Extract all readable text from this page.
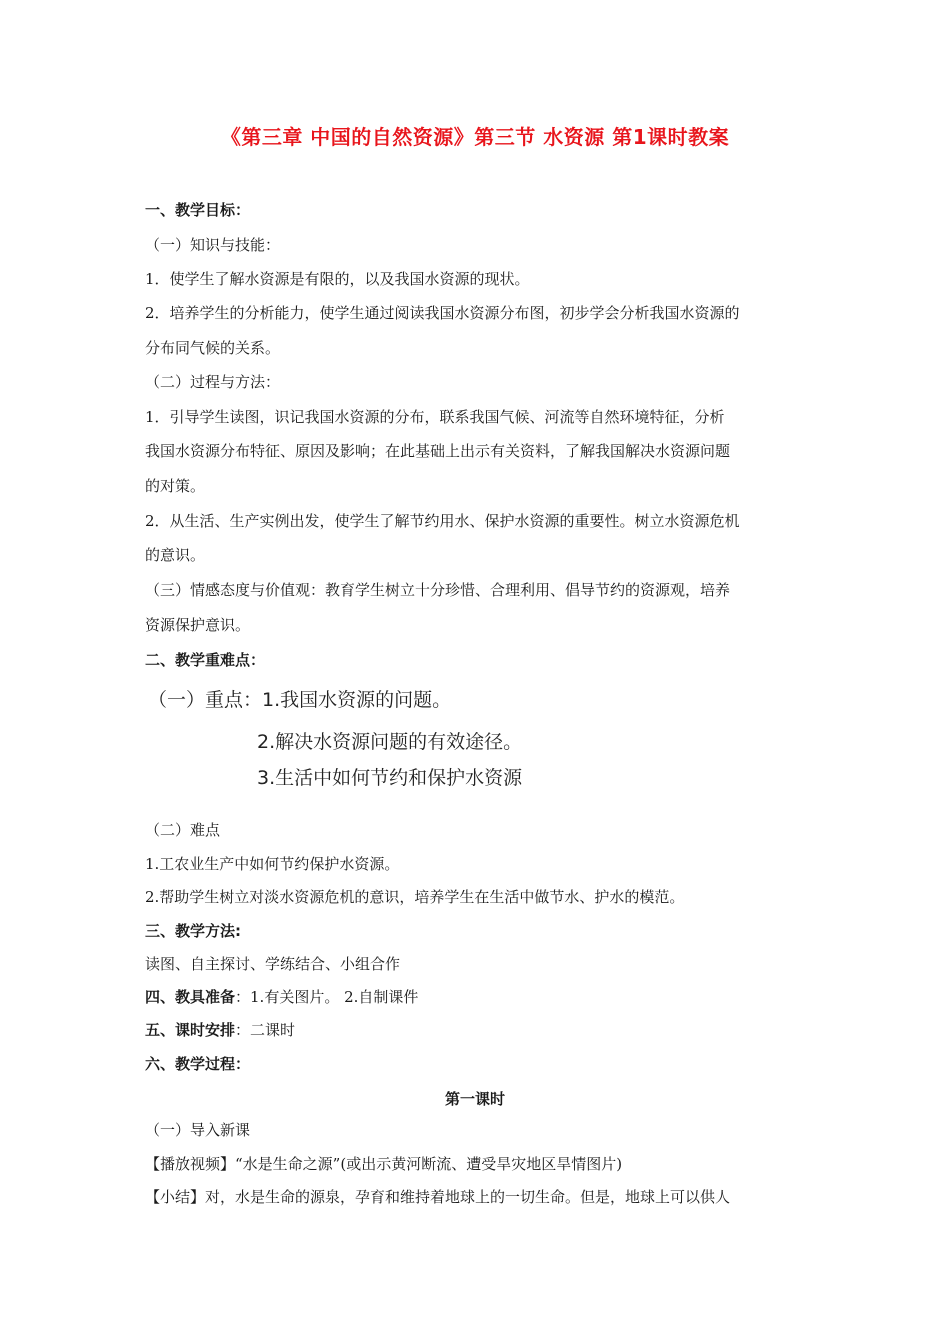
《第三章 中国的自然资源》第三节 水资源 第1课时教案
一、教学目标：
（一）知识与技能：
1．使学生了解水资源是有限的，以及我国水资源的现状。
2．培养学生的分析能力，使学生通过阅读我国水资源分布图，初步学会分析我国水资源的
分布同气候的关系。
（二）过程与方法：
1．引导学生读图，识记我国水资源的分布，联系我国气候、河流等自然环境特征，分析
我国水资源分布特征、原因及影响；在此基础上出示有关资料，了解我国解决水资源问题
的对策。
2．从生活、生产实例出发，使学生了解节约用水、保护水资源的重要性。树立水资源危机
的意识。
（三）情感态度与价值观：教育学生树立十分珍惜、合理利用、倡导节约的资源观，培养
资源保护意识。
二、教学重难点：
（一）重点：1.我国水资源的问题。
2.解决水资源问题的有效途径。
3.生活中如何节约和保护水资源
（二）难点
1.工农业生产中如何节约保护水资源。
2.帮助学生树立对淡水资源危机的意识，培养学生在生活中做节水、护水的模范。
三、教学方法:
读图、自主探讨、学练结合、小组合作
四、教具准备：1.有关图片。 2.自制课件
五、课时安排：二课时
六、教学过程：
第一课时
（一）导入新课
【播放视频】“水是生命之源”(或出示黄河断流、遭受旱灾地区旱情图片)
【小结】对，水是生命的源泉，孕育和维持着地球上的一切生命。但是，地球上可以供人
